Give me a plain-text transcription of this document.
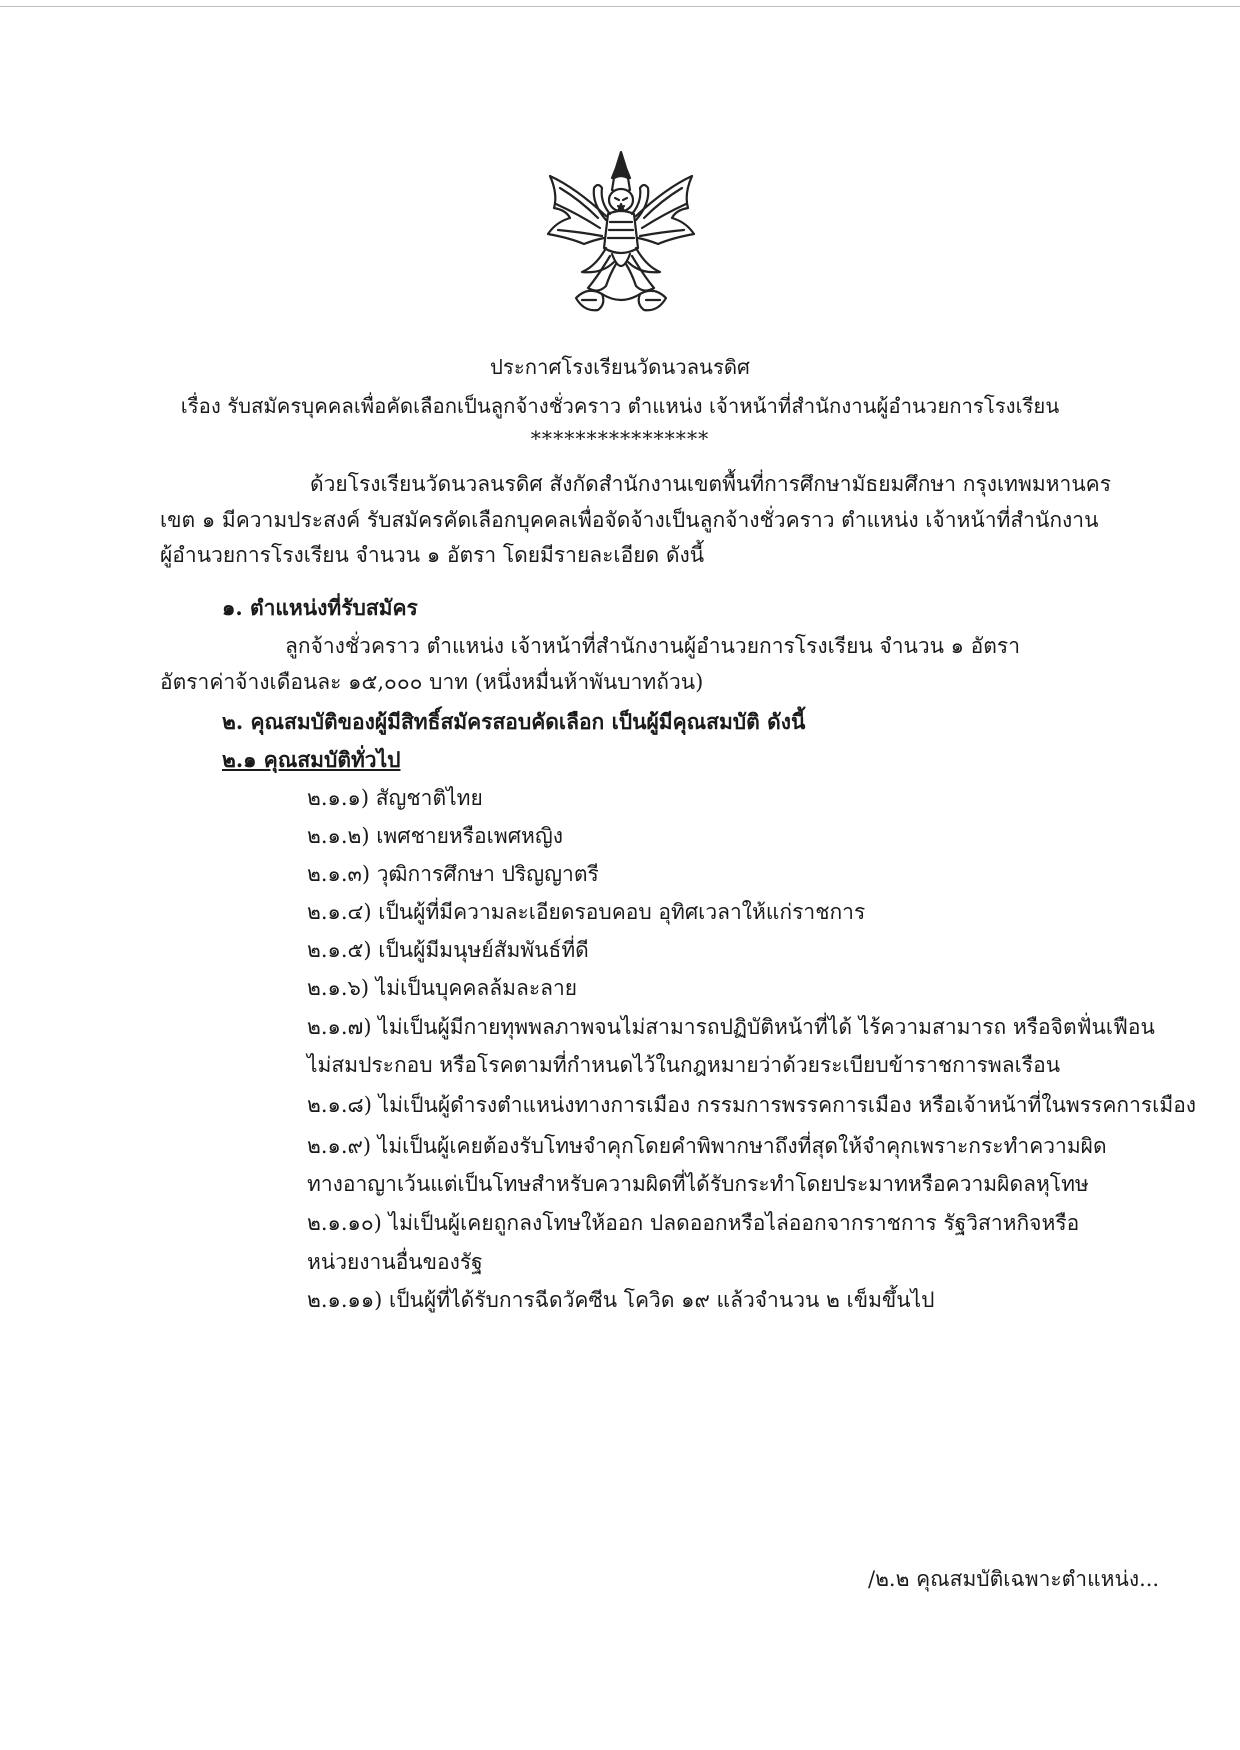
ประกาศโรงเรียนวัดนวลนรดิศ
เรื่อง รับสมัครบุคคลเพื่อคัดเลือกเป็นลูกจ้างชั่วคราว ตำแหน่ง เจ้าหน้าที่สำนักงานผู้อำนวยการโรงเรียน
****************
ด้วยโรงเรียนวัดนวลนรดิศ สังกัดสำนักงานเขตพื้นที่การศึกษามัธยมศึกษา กรุงเทพมหานคร
เขต ๑ มีความประสงค์ รับสมัครคัดเลือกบุคคลเพื่อจัดจ้างเป็นลูกจ้างชั่วคราว ตำแหน่ง เจ้าหน้าที่สำนักงาน
ผู้อำนวยการโรงเรียน จำนวน ๑ อัตรา โดยมีรายละเอียด ดังนี้
๑. ตำแหน่งที่รับสมัคร
ลูกจ้างชั่วคราว ตำแหน่ง เจ้าหน้าที่สำนักงานผู้อำนวยการโรงเรียน จำนวน ๑ อัตรา
อัตราค่าจ้างเดือนละ ๑๕,๐๐๐ บาท (หนึ่งหมื่นห้าพันบาทถ้วน)
๒. คุณสมบัติของผู้มีสิทธิ์สมัครสอบคัดเลือก เป็นผู้มีคุณสมบัติ ดังนี้
๒.๑ คุณสมบัติทั่วไป
๒.๑.๑) สัญชาติไทย
๒.๑.๒) เพศชายหรือเพศหญิง
๒.๑.๓) วุฒิการศึกษา ปริญญาตรี
๒.๑.๔) เป็นผู้ที่มีความละเอียดรอบคอบ อุทิศเวลาให้แก่ราชการ
๒.๑.๕) เป็นผู้มีมนุษย์สัมพันธ์ที่ดี
๒.๑.๖) ไม่เป็นบุคคลล้มละลาย
๒.๑.๗) ไม่เป็นผู้มีกายทุพพลภาพจนไม่สามารถปฏิบัติหน้าที่ได้ ไร้ความสามารถ หรือจิตฟั่นเฟือน
ไม่สมประกอบ หรือโรคตามที่กำหนดไว้ในกฎหมายว่าด้วยระเบียบข้าราชการพลเรือน
๒.๑.๘) ไม่เป็นผู้ดำรงตำแหน่งทางการเมือง กรรมการพรรคการเมือง หรือเจ้าหน้าที่ในพรรคการเมือง
๒.๑.๙) ไม่เป็นผู้เคยต้องรับโทษจำคุกโดยคำพิพากษาถึงที่สุดให้จำคุกเพราะกระทำความผิด
ทางอาญาเว้นแต่เป็นโทษสำหรับความผิดที่ได้รับกระทำโดยประมาทหรือความผิดลหุโทษ
๒.๑.๑๐) ไม่เป็นผู้เคยถูกลงโทษให้ออก ปลดออกหรือไล่ออกจากราชการ รัฐวิสาหกิจหรือ
หน่วยงานอื่นของรัฐ
๒.๑.๑๑) เป็นผู้ที่ได้รับการฉีดวัคซีน โควิด ๑๙ แล้วจำนวน ๒ เข็มขึ้นไป
/๒.๒ คุณสมบัติเฉพาะตำแหน่ง...
